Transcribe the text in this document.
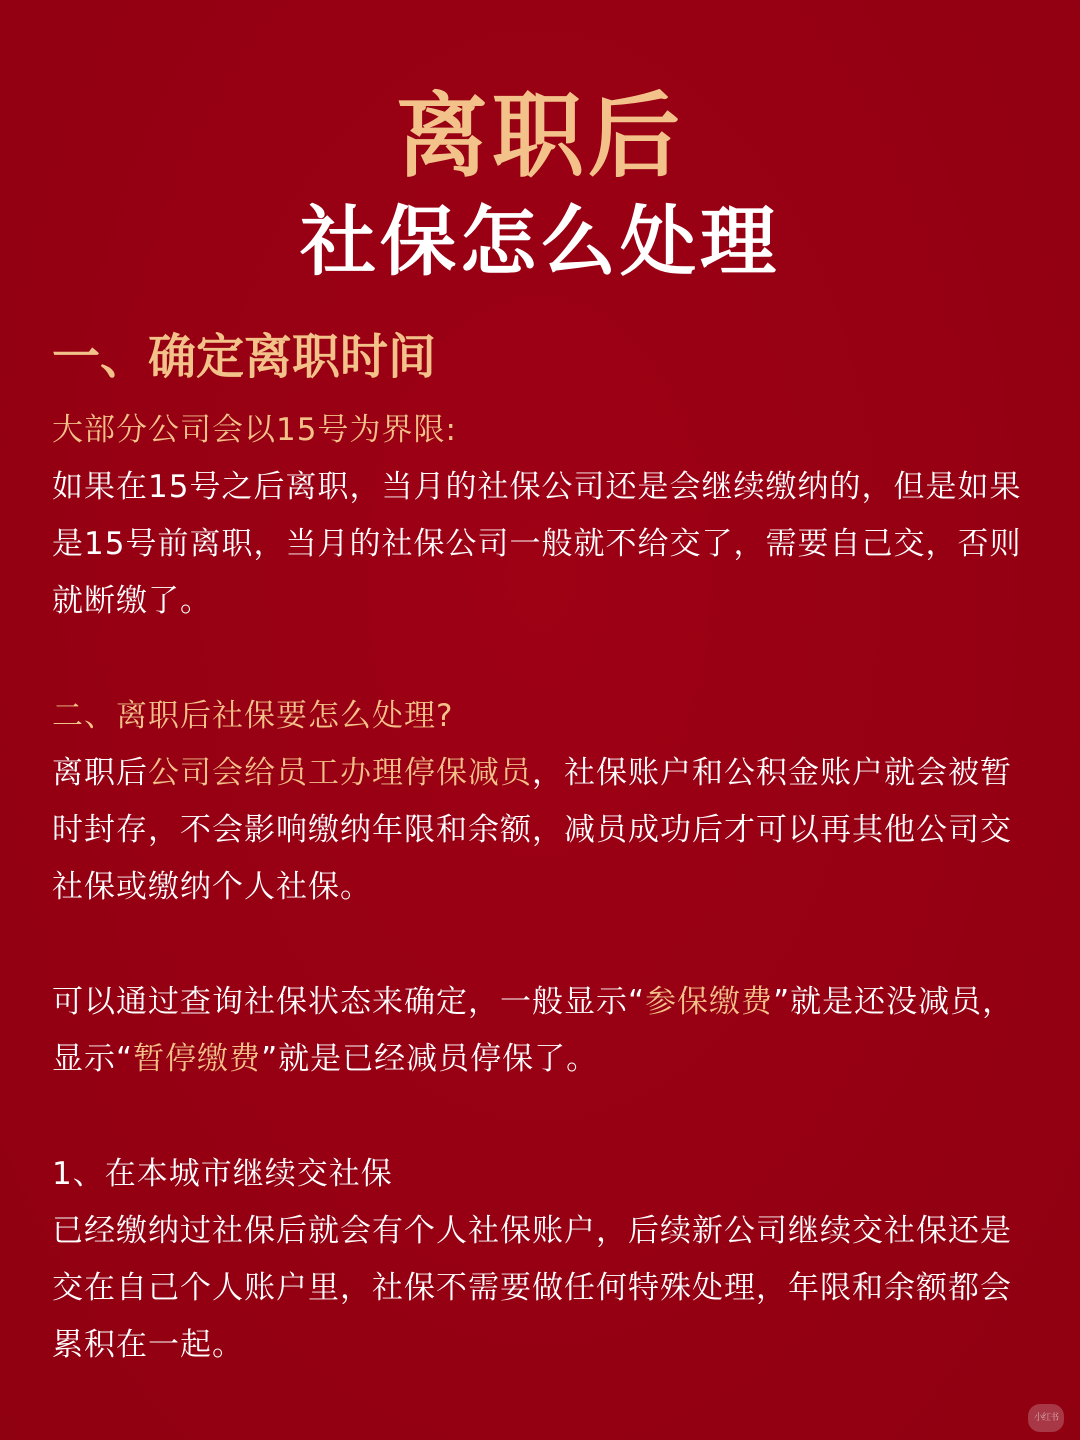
离职后
社保怎么处理
一、确定离职时间

大部分公司会以15号为界限:

如果在15号之后离职，当月的社保公司还是会继续缴纳的，但是如果是15号前离职，当月的社保公司一般就不给交了，需要自己交，否则就断缴了。

二、离职后社保要怎么处理?

离职后公司会给员工办理停保减员，社保账户和公积金账户就会被暂时封存，不会影响缴纳年限和余额，减员成功后才可以再其他公司交社保或缴纳个人社保。

可以通过查询社保状态来确定，一般显示“参保缴费”就是还没减员，显示“暂停缴费”就是已经减员停保了。

1、在本城市继续交社保

已经缴纳过社保后就会有个人社保账户，后续新公司继续交社保还是交在自己个人账户里，社保不需要做任何特殊处理，年限和余额都会累积在一起。

小红书
